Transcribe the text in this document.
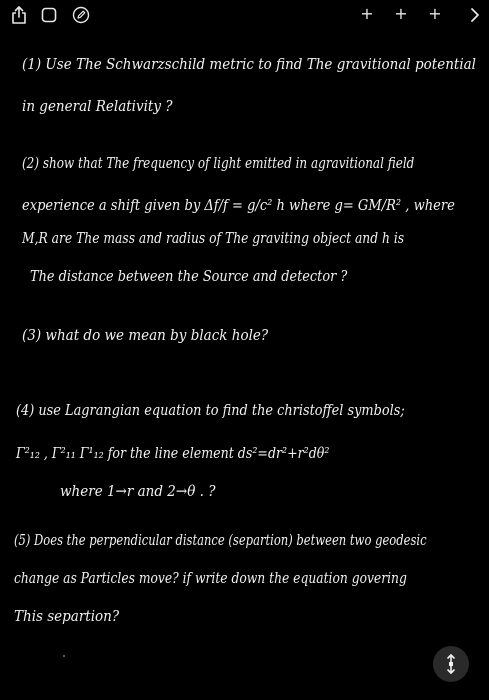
+ + +

(1) Use The Schwarzschild metric to find The gravitional potential

in general Relativity ?

(2) show that The frequency of light emitted in agravitional field

experience a shift given by Δf/f = g/c² h where g= GM/R² , where

M,R are The mass and radius of The graviting object and h is

The distance between the Source and detector ?

(3) what do we mean by black hole?

(4) use Lagrangian equation to find the christoffel symbols;

Γ²₁₂ , Γ²₁₁ Γ¹₁₂ for the line element ds²=dr²+r²dθ²

where 1→r and 2→θ . ?

(5) Does the perpendicular distance (separtion) between two geodesic

change as Particles move? if write down the equation govering

This separtion?
